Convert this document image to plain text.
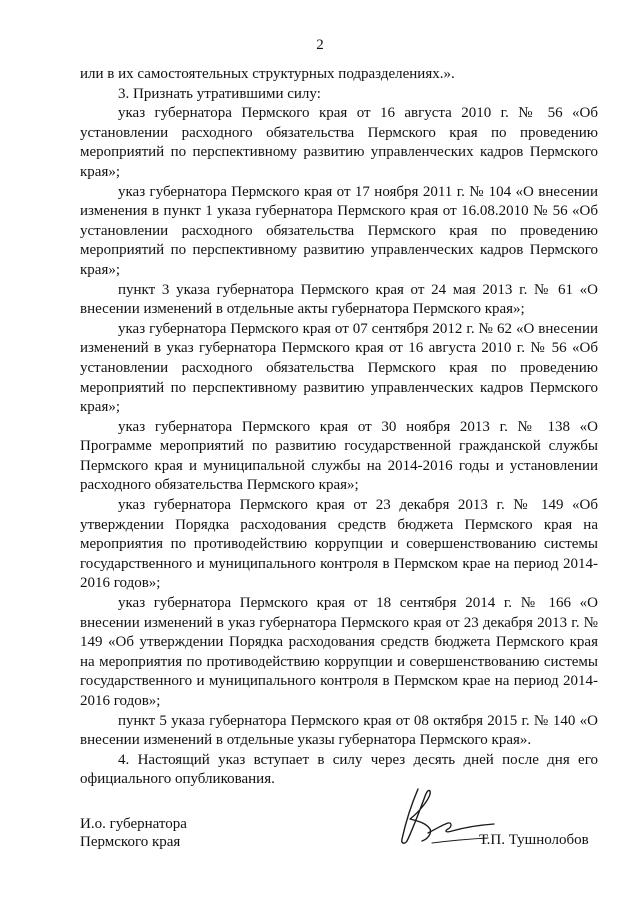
2

или в их самостоятельных структурных подразделениях.».

3. Признать утратившими силу:

указ губернатора Пермского края от 16 августа 2010 г. № 56 «Об установлении расходного обязательства Пермского края по проведению мероприятий по перспективному развитию управленческих кадров Пермского края»;

указ губернатора Пермского края от 17 ноября 2011 г. № 104 «О внесении изменения в пункт 1 указа губернатора Пермского края от 16.08.2010 № 56 «Об установлении расходного обязательства Пермского края по проведению мероприятий по перспективному развитию управленческих кадров Пермского края»;

пункт 3 указа губернатора Пермского края от 24 мая 2013 г. № 61 «О внесении изменений в отдельные акты губернатора Пермского края»;

указ губернатора Пермского края от 07 сентября 2012 г. № 62 «О внесении изменений в указ губернатора Пермского края от 16 августа 2010 г. № 56 «Об установлении расходного обязательства Пермского края по проведению мероприятий по перспективному развитию управленческих кадров Пермского края»;

указ губернатора Пермского края от 30 ноября 2013 г. № 138 «О Программе мероприятий по развитию государственной гражданской службы Пермского края и муниципальной службы на 2014-2016 годы и установлении расходного обязательства Пермского края»;

указ губернатора Пермского края от 23 декабря 2013 г. № 149 «Об утверждении Порядка расходования средств бюджета Пермского края на мероприятия по противодействию коррупции и совершенствованию системы государственного и муниципального контроля в Пермском крае на период 2014-2016 годов»;

указ губернатора Пермского края от 18 сентября 2014 г. № 166 «О внесении изменений в указ губернатора Пермского края от 23 декабря 2013 г. № 149 «Об утверждении Порядка расходования средств бюджета Пермского края на мероприятия по противодействию коррупции и совершенствованию системы государственного и муниципального контроля в Пермском крае на период 2014-2016 годов»;

пункт 5 указа губернатора Пермского края от 08 октября 2015 г. № 140 «О внесении изменений в отдельные указы губернатора Пермского края».

4. Настоящий указ вступает в силу через десять дней после дня его официального опубликования.

И.о. губернатора
Пермского края	Т.П. Тушнолобов
